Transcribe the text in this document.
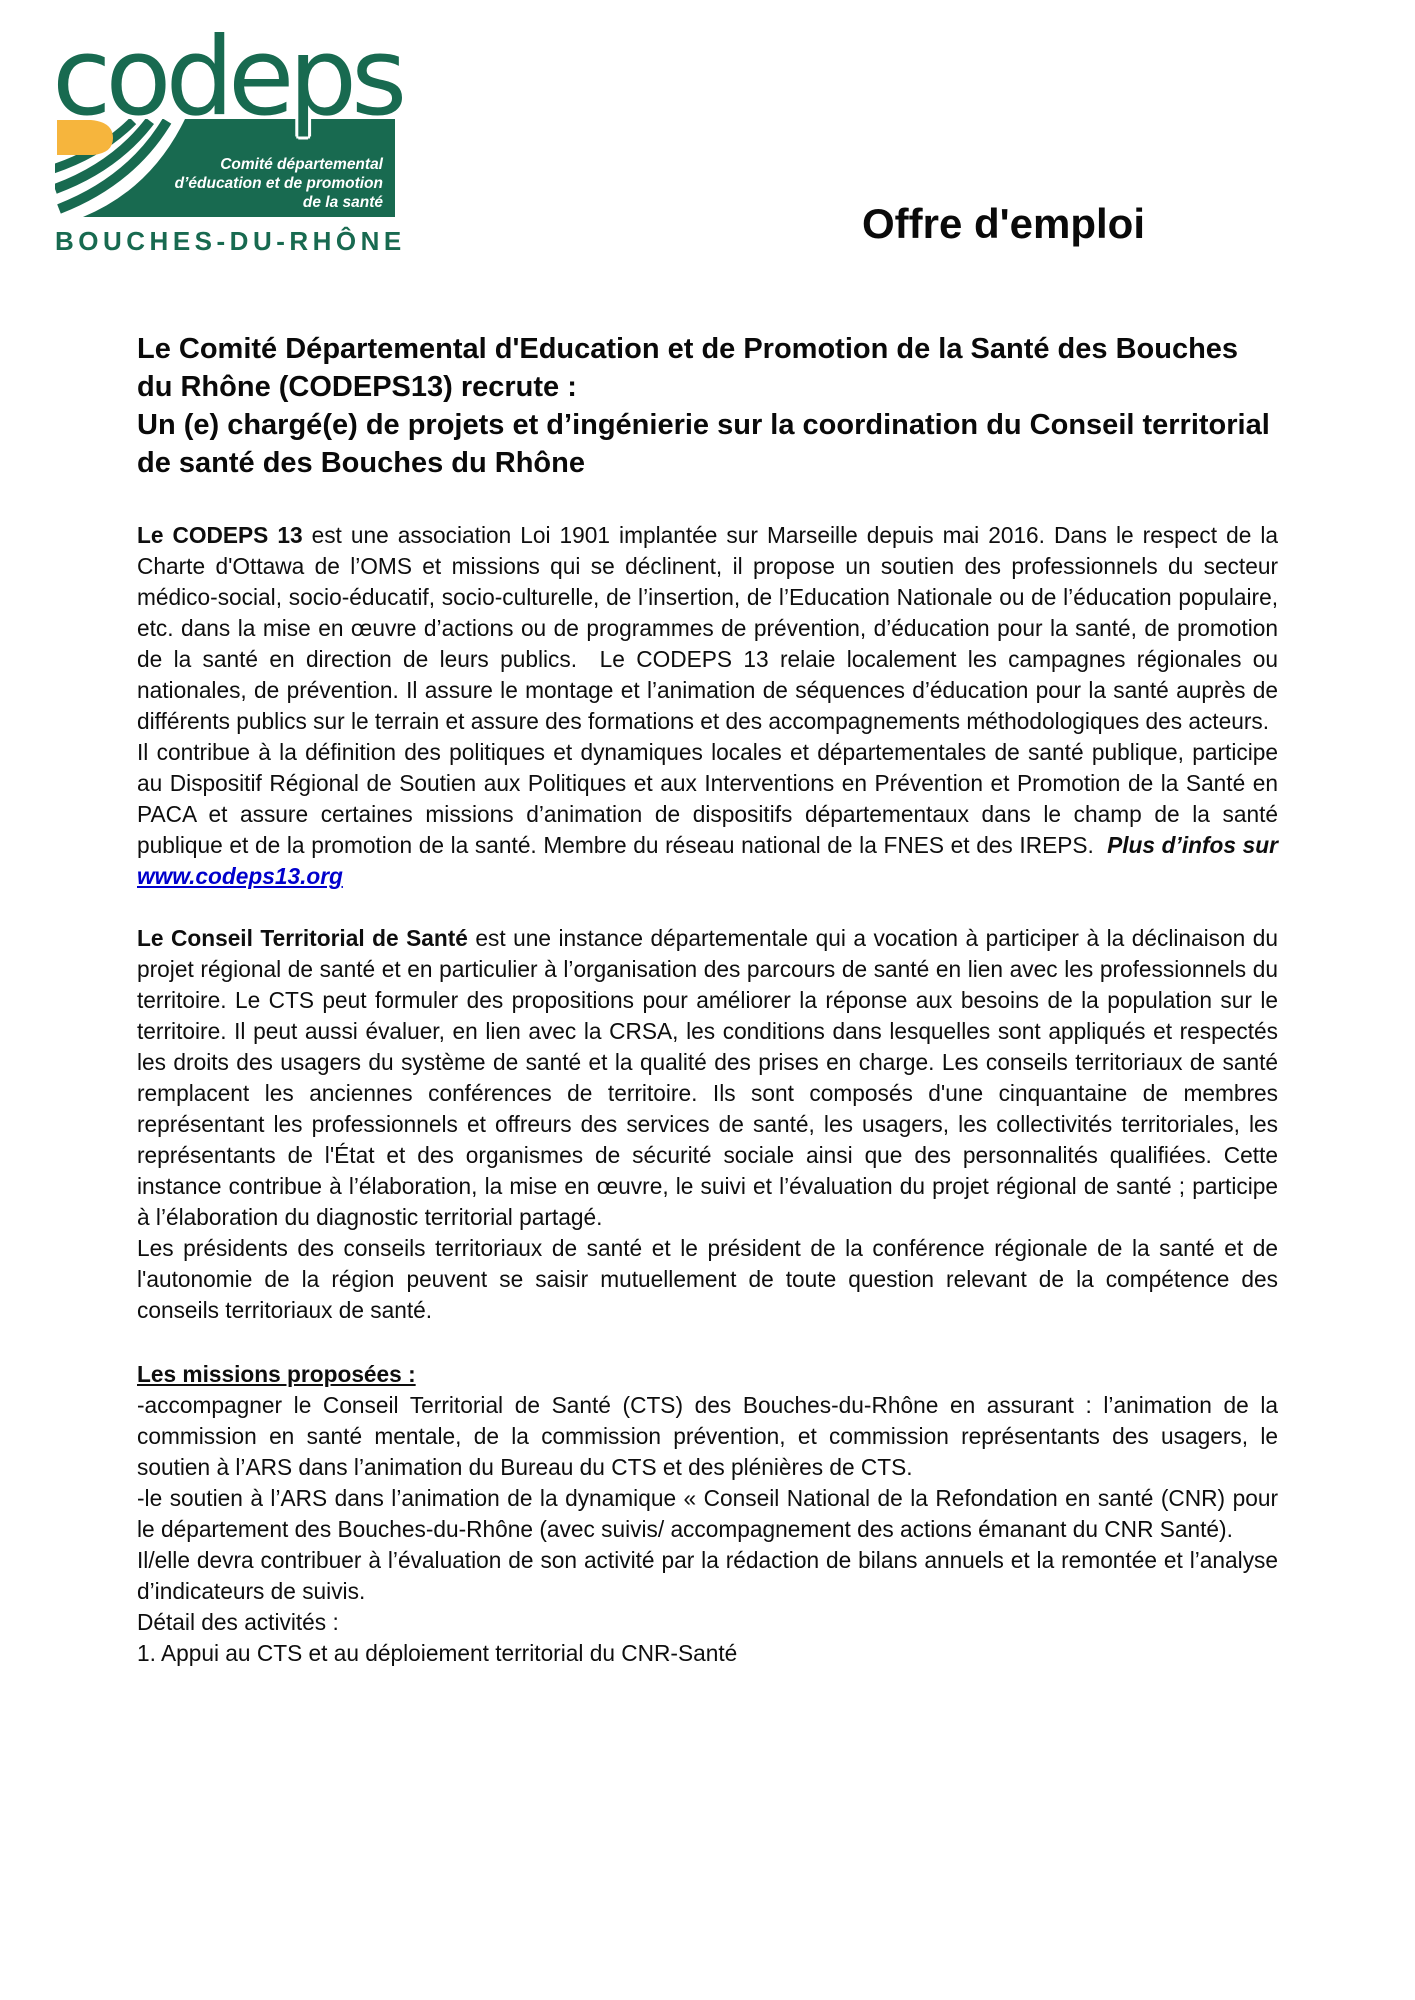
codeps
Comité départemental
d’éducation et de promotion
de la santé
BOUCHES-DU-RHÔNE	Offre d'emploi
Le Comité Départemental d'Education et de Promotion de la Santé des Bouches du Rhône (CODEPS13) recrute :
Un (e) chargé(e) de projets et d’ingénierie sur la coordination du Conseil territorial de santé des Bouches du Rhône

Le CODEPS 13 est une association Loi 1901 implantée sur Marseille depuis mai 2016. Dans le respect de la Charte d'Ottawa de l’OMS et missions qui se déclinent, il propose un soutien des professionnels du secteur médico-social, socio-éducatif, socio-culturelle, de l’insertion, de l’Education Nationale ou de l’éducation populaire, etc. dans la mise en œuvre d’actions ou de programmes de prévention, d’éducation pour la santé, de promotion de la santé en direction de leurs publics.  Le CODEPS 13 relaie localement les campagnes régionales ou nationales, de prévention. Il assure le montage et l’animation de séquences d’éducation pour la santé auprès de différents publics sur le terrain et assure des formations et des accompagnements méthodologiques des acteurs.

Il contribue à la définition des politiques et dynamiques locales et départementales de santé publique, participe au Dispositif Régional de Soutien aux Politiques et aux Interventions en Prévention et Promotion de la Santé en PACA et assure certaines missions d’animation de dispositifs départementaux dans le champ de la santé publique et de la promotion de la santé. Membre du réseau national de la FNES et des IREPS.  Plus d’infos sur www.codeps13.org

Le Conseil Territorial de Santé est une instance départementale qui a vocation à participer à la déclinaison du projet régional de santé et en particulier à l’organisation des parcours de santé en lien avec les professionnels du territoire. Le CTS peut formuler des propositions pour améliorer la réponse aux besoins de la population sur le territoire. Il peut aussi évaluer, en lien avec la CRSA, les conditions dans lesquelles sont appliqués et respectés les droits des usagers du système de santé et la qualité des prises en charge. Les conseils territoriaux de santé remplacent les anciennes conférences de territoire. Ils sont composés d'une cinquantaine de membres représentant les professionnels et offreurs des services de santé, les usagers, les collectivités territoriales, les représentants de l'État et des organismes de sécurité sociale ainsi que des personnalités qualifiées. Cette instance contribue à l’élaboration, la mise en œuvre, le suivi et l’évaluation du projet régional de santé ; participe à l’élaboration du diagnostic territorial partagé.

Les présidents des conseils territoriaux de santé et le président de la conférence régionale de la santé et de l'autonomie de la région peuvent se saisir mutuellement de toute question relevant de la compétence des conseils territoriaux de santé.

Les missions proposées :

-accompagner le Conseil Territorial de Santé (CTS) des Bouches-du-Rhône en assurant : l’animation de la commission en santé mentale, de la commission prévention, et commission représentants des usagers, le soutien à l’ARS dans l’animation du Bureau du CTS et des plénières de CTS.

-le soutien à l’ARS dans l’animation de la dynamique « Conseil National de la Refondation en santé (CNR) pour le département des Bouches-du-Rhône (avec suivis/ accompagnement des actions émanant du CNR Santé).

Il/elle devra contribuer à l’évaluation de son activité par la rédaction de bilans annuels et la remontée et l’analyse d’indicateurs de suivis.

Détail des activités :

1. Appui au CTS et au déploiement territorial du CNR-Santé
